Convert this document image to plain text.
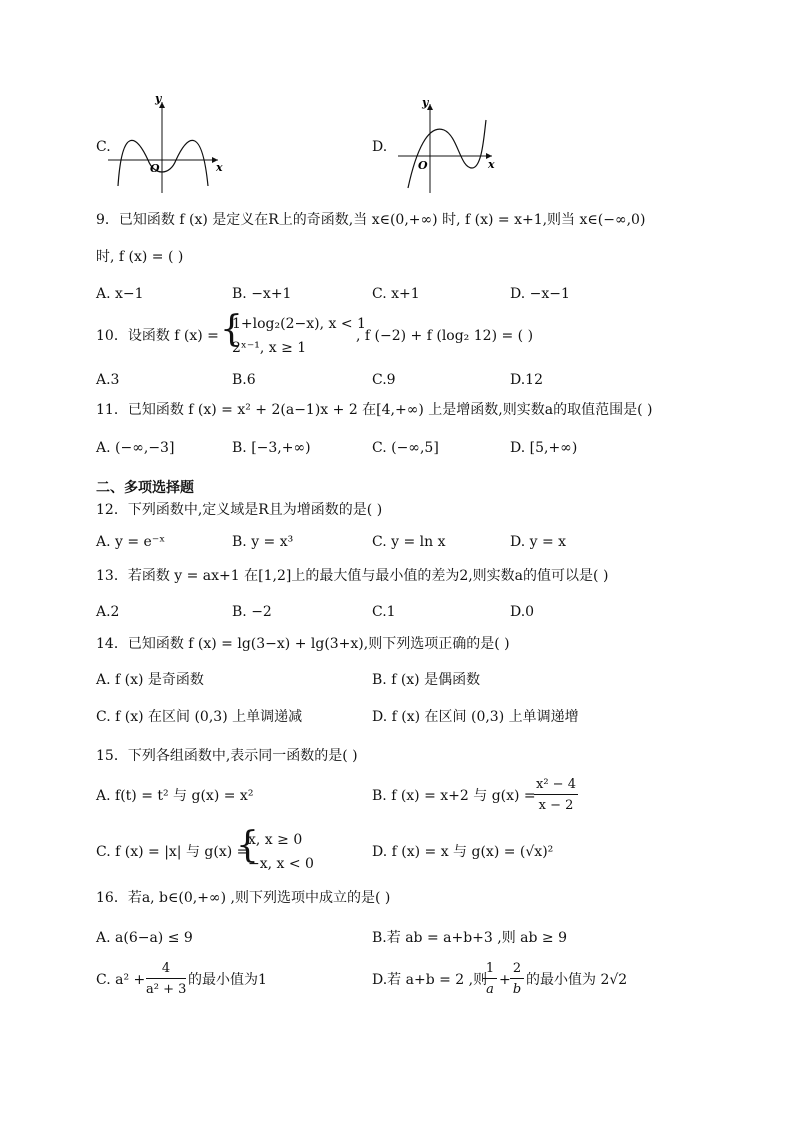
C.
y
x
O
D.
y
x
O
9．已知函数 f (x) 是定义在R上的奇函数,当 x∈(0,+∞) 时, f (x) = x+1,则当 x∈(−∞,0)
时, f (x) = ( )
A. x−1	B. −x+1	C. x+1	D. −x−1
10．设函数 f (x) = {
1+log₂(2−x), x < 1
2ˣ⁻¹, x ≥ 1
, f (−2) + f (log₂ 12) = ( )
A.3	B.6	C.9	D.12
11．已知函数 f (x) = x² + 2(a−1)x + 2 在[4,+∞) 上是增函数,则实数a的取值范围是( )
A. (−∞,−3]	B. [−3,+∞)	C. (−∞,5]	D. [5,+∞)
二、多项选择题
12．下列函数中,定义域是R且为增函数的是( )
A. y = e⁻ˣ	B. y = x³	C. y = ln x	D. y = x
13．若函数 y = ax+1 在[1,2]上的最大值与最小值的差为2,则实数a的值可以是( )
A.2	B. −2	C.1	D.0
14．已知函数 f (x) = lg(3−x) + lg(3+x),则下列选项正确的是( )
A. f (x) 是奇函数	B. f (x) 是偶函数
C. f (x) 在区间 (0,3) 上单调递减	D. f (x) 在区间 (0,3) 上单调递增
15．下列各组函数中,表示同一函数的是( )
A. f(t) = t² 与 g(x) = x²	B. f (x) = x+2 与 g(x) =
x² − 4
x − 2
C. f (x) = |x| 与 g(x) =
{
x, x ≥ 0
−x, x < 0
D. f (x) = x 与 g(x) = (√x)²
16．若a, b∈(0,+∞) ,则下列选项中成立的是( )
A. a(6−a) ≤ 9	B.若 ab = a+b+3 ,则 ab ≥ 9
C. a² +
4
a² + 3
的最小值为1	D.若 a+b = 2 ,则
1
a
+
2
b
的最小值为 2√2
